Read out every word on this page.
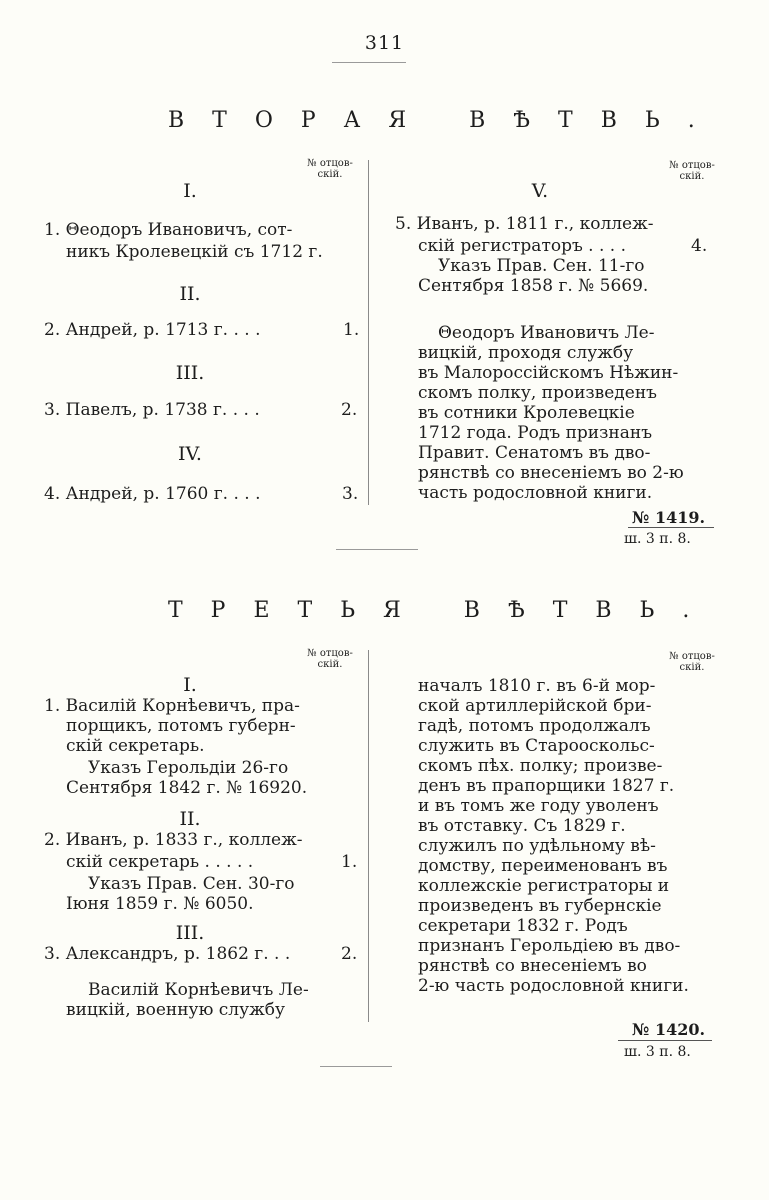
311
ВТОРАЯ ВѢТВЬ.
№ отцов-
скій.
№ отцов-
скій.
I.
1. Θеодоръ Ивановичъ, сот-
никъ Кролевецкій съ 1712 г.
II.
2. Андрей, р. 1713 г. . . .	1.
III.
3. Павелъ, р. 1738 г. . . .	2.
IV.
4. Андрей, р. 1760 г. . . .	3.
V.
5. Иванъ, р. 1811 г., коллеж-
скій регистраторъ . . . .	4.
Указъ Прав. Сен. 11-го
Сентября 1858 г. № 5669.
Θеодоръ Ивановичъ Ле-
вицкій, проходя службу
въ Малороссійскомъ Нѣжин-
скомъ полку, произведенъ
въ сотники Кролевецкіе
1712 года. Родъ признанъ
Правит. Сенатомъ въ дво-
рянствѣ со внесеніемъ во 2-ю
часть родословной книги.
№ 1419.
ш. 3 п. 8.
ТРЕТЬЯ ВѢТВЬ.
№ отцов-
скій.
№ отцов-
скій.
I.
1. Василій Корнѣевичъ, пра-
порщикъ, потомъ губерн-
скій секретарь.
Указъ Герольдіи 26-го
Сентября 1842 г. № 16920.
II.
2. Иванъ, р. 1833 г., коллеж-
скій секретарь . . . . .	1.
Указъ Прав. Сен. 30-го
Іюня 1859 г. № 6050.
III.
3. Александръ, р. 1862 г. . .	2.
Василій Корнѣевичъ Ле-
вицкій, военную службу
началъ 1810 г. въ 6-й мор-
ской артиллерійской бри-
гадѣ, потомъ продолжалъ
служить въ Старооскольс-
скомъ пѣх. полку; произве-
денъ въ прапорщики 1827 г.
и въ томъ же году уволенъ
въ отставку. Съ 1829 г.
служилъ по удѣльному вѣ-
домству, переименованъ въ
коллежскіе регистраторы и
произведенъ въ губернскіе
секретари 1832 г. Родъ
признанъ Герольдіею въ дво-
рянствѣ со внесеніемъ во
2-ю часть родословной книги.
№ 1420.
ш. 3 п. 8.
